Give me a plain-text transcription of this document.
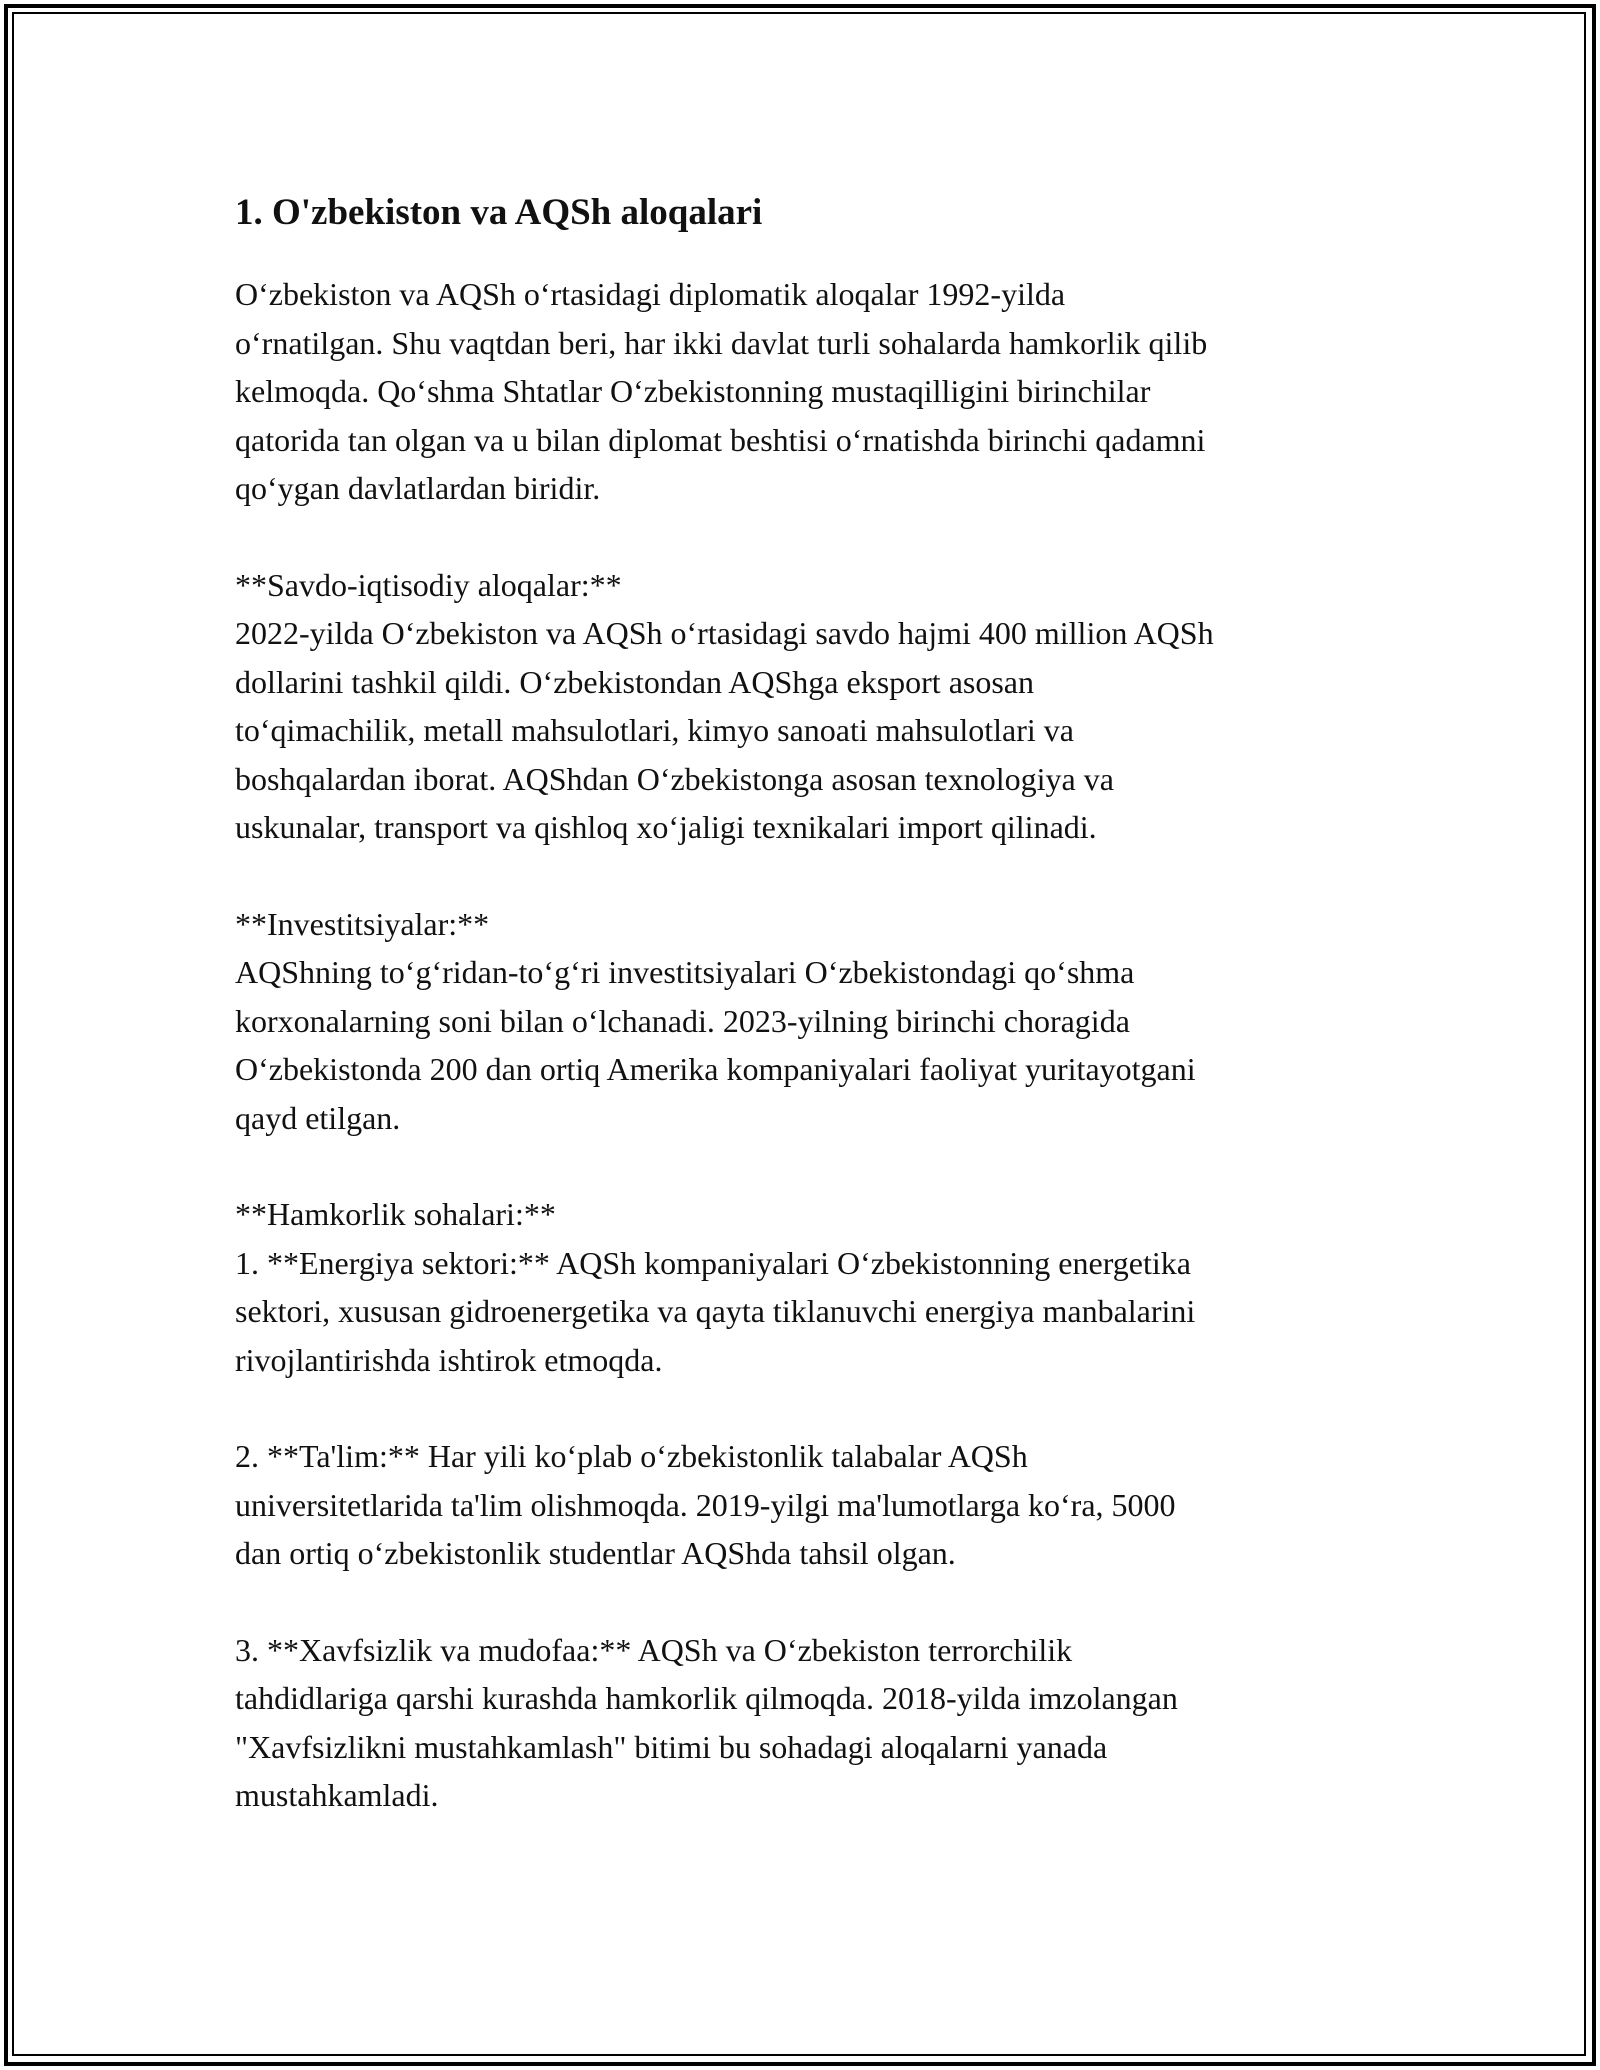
1. O'zbekiston va AQSh aloqalari

O‘zbekiston va AQSh o‘rtasidagi diplomatik aloqalar 1992-yilda
o‘rnatilgan. Shu vaqtdan beri, har ikki davlat turli sohalarda hamkorlik qilib
kelmoqda. Qo‘shma Shtatlar O‘zbekistonning mustaqilligini birinchilar
qatorida tan olgan va u bilan diplomat beshtisi o‘rnatishda birinchi qadamni
qo‘ygan davlatlardan biridir.

**Savdo-iqtisodiy aloqalar:**
2022-yilda O‘zbekiston va AQSh o‘rtasidagi savdo hajmi 400 million AQSh
dollarini tashkil qildi. O‘zbekistondan AQShga eksport asosan
to‘qimachilik, metall mahsulotlari, kimyo sanoati mahsulotlari va
boshqalardan iborat. AQShdan O‘zbekistonga asosan texnologiya va
uskunalar, transport va qishloq xo‘jaligi texnikalari import qilinadi.

**Investitsiyalar:**
AQShning to‘g‘ridan-to‘g‘ri investitsiyalari O‘zbekistondagi qo‘shma
korxonalarning soni bilan o‘lchanadi. 2023-yilning birinchi choragida
O‘zbekistonda 200 dan ortiq Amerika kompaniyalari faoliyat yuritayotgani
qayd etilgan.

**Hamkorlik sohalari:**
1. **Energiya sektori:** AQSh kompaniyalari O‘zbekistonning energetika
sektori, xususan gidroenergetika va qayta tiklanuvchi energiya manbalarini
rivojlantirishda ishtirok etmoqda.

2. **Ta'lim:** Har yili ko‘plab o‘zbekistonlik talabalar AQSh
universitetlarida ta'lim olishmoqda. 2019-yilgi ma'lumotlarga ko‘ra, 5000
dan ortiq o‘zbekistonlik studentlar AQShda tahsil olgan.

3. **Xavfsizlik va mudofaa:** AQSh va O‘zbekiston terrorchilik
tahdidlariga qarshi kurashda hamkorlik qilmoqda. 2018-yilda imzolangan
"Xavfsizlikni mustahkamlash" bitimi bu sohadagi aloqalarni yanada
mustahkamladi.
